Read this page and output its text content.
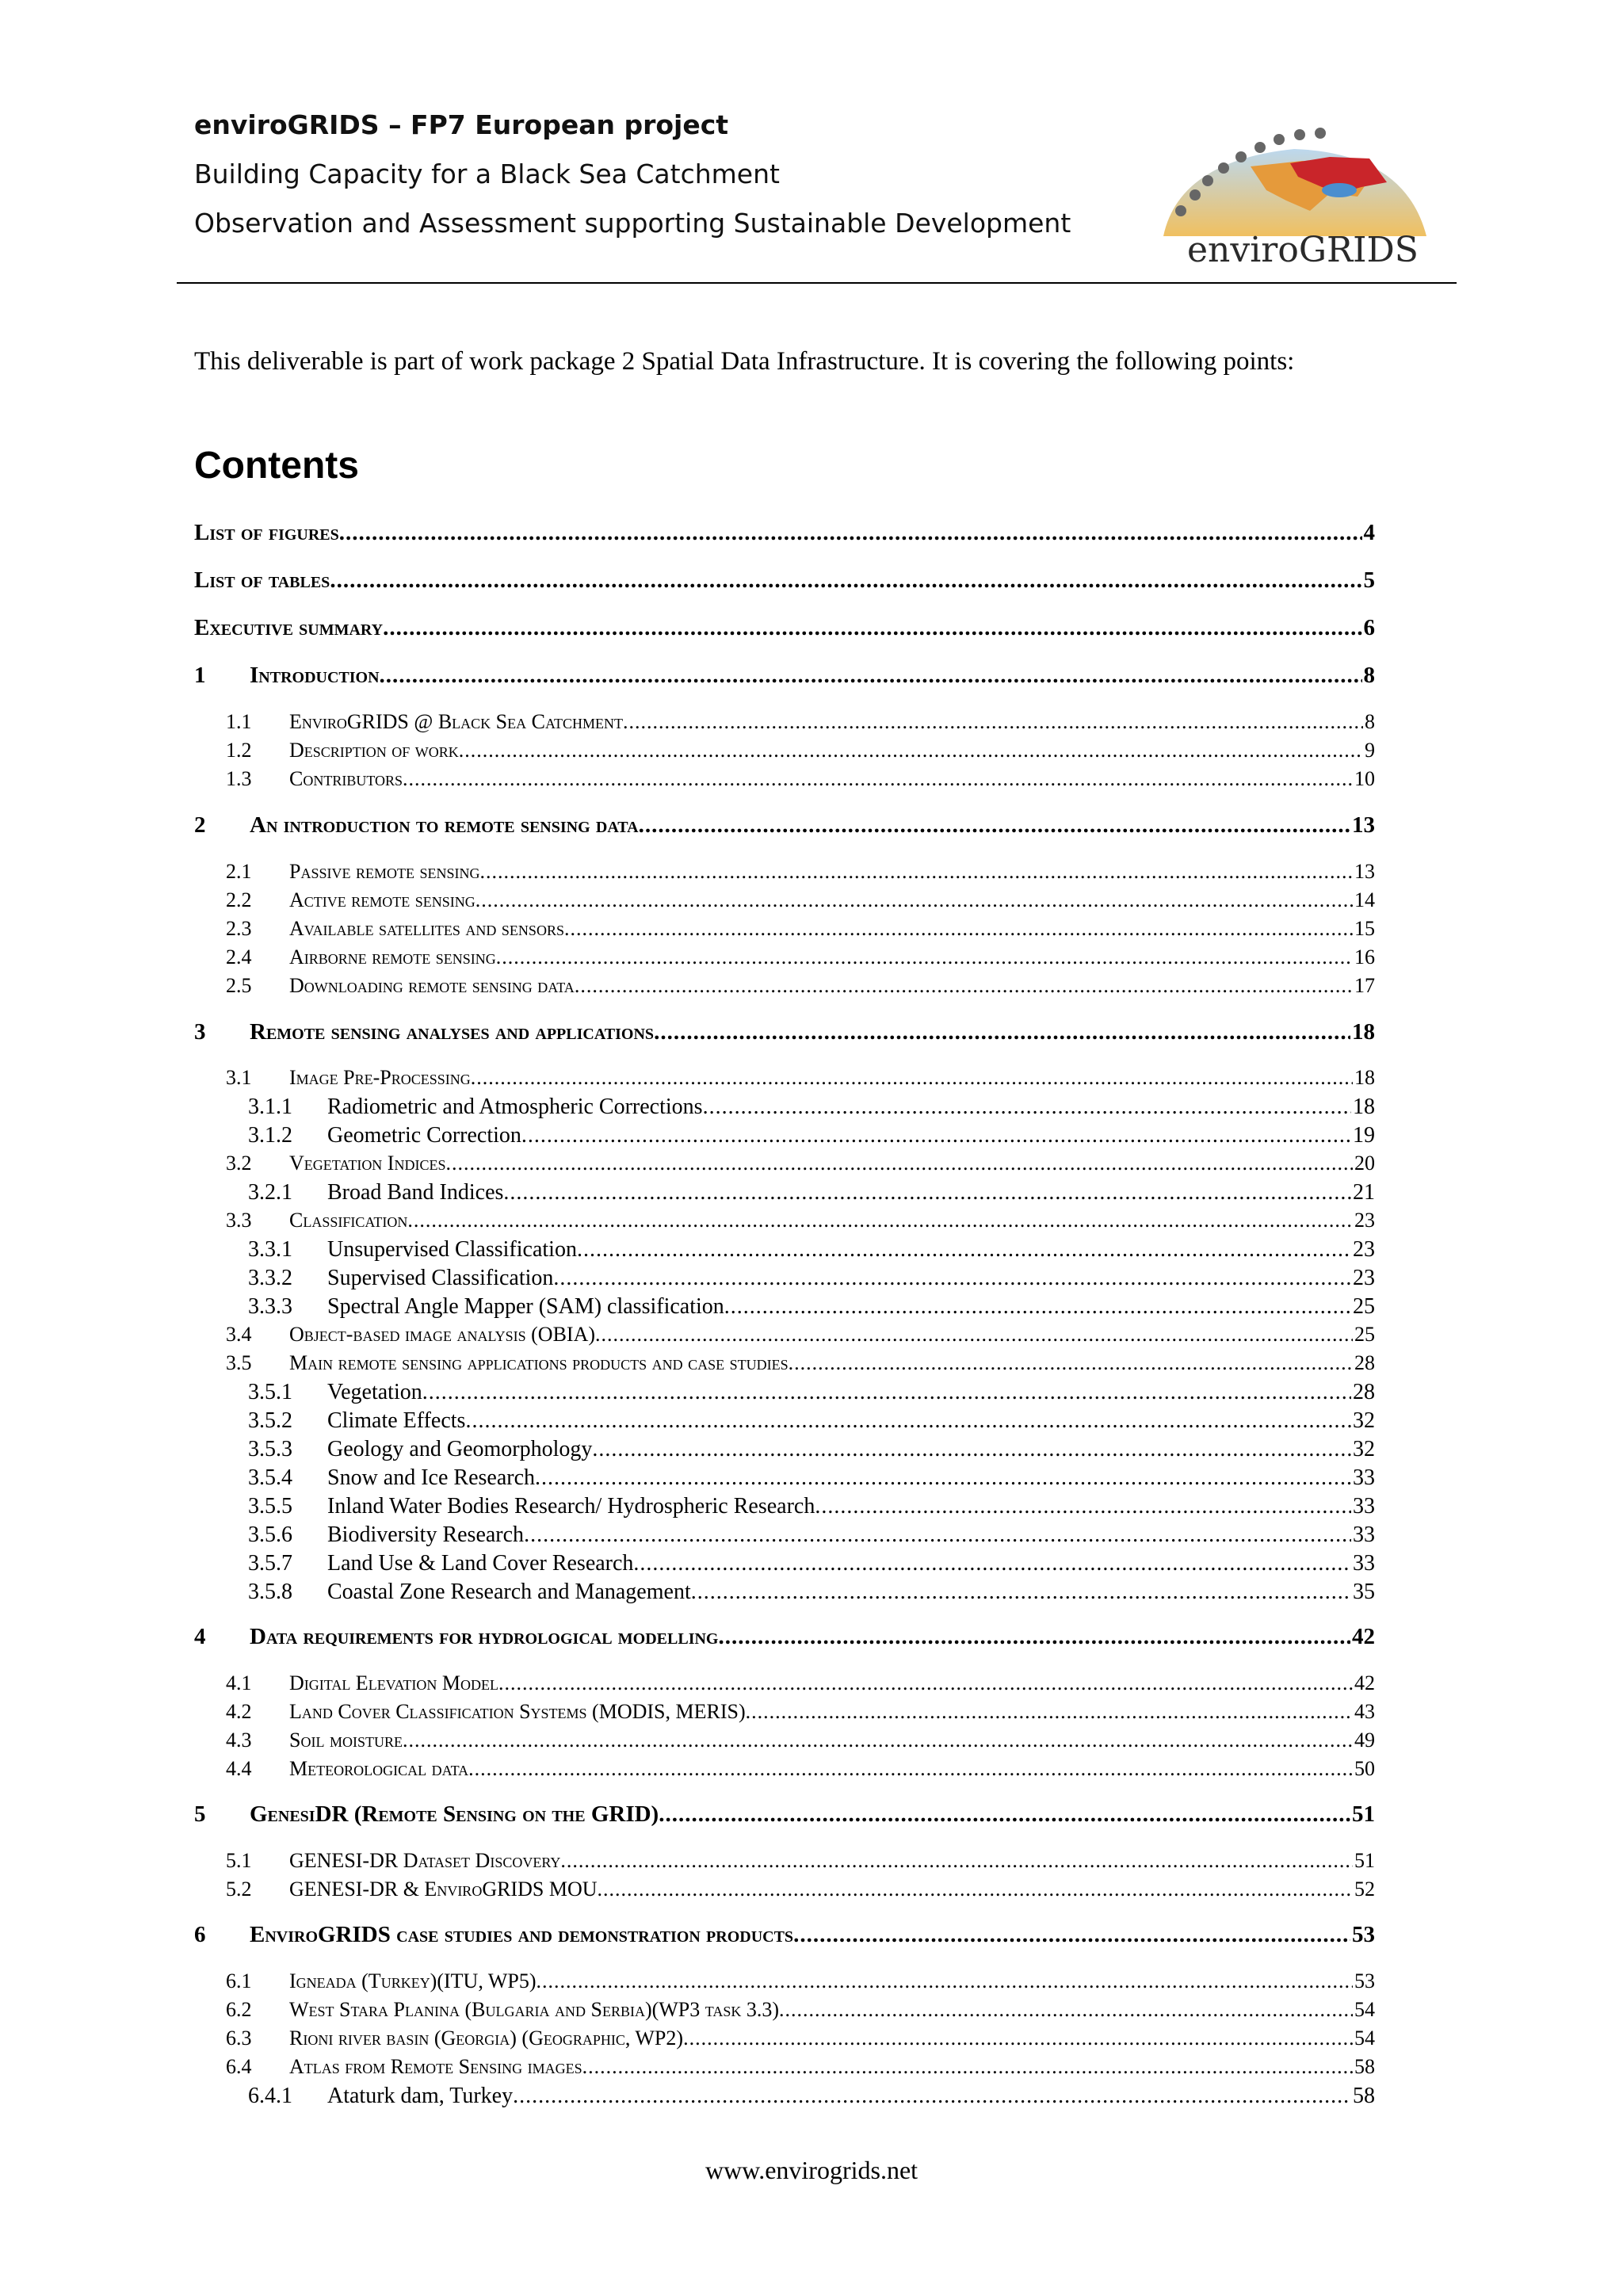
enviroGRIDS – FP7 European project
Building Capacity for a Black Sea Catchment
Observation and Assessment supporting Sustainable Development
enviroGRIDS
This deliverable is part of work package 2 Spatial Data Infrastructure. It is covering the following points:
Contents
List of figures .....	4
List of tables .....	5
Executive summary .....	6
1	Introduction .....	8
1.1	EnviroGRIDS @ Black Sea Catchment .....	8
1.2	Description of work .....	9
1.3	Contributors .....	10
2	An introduction to remote sensing data .....	13
2.1	Passive remote sensing .....	13
2.2	Active remote sensing .....	14
2.3	Available satellites and sensors .....	15
2.4	Airborne remote sensing .....	16
2.5	Downloading remote sensing data .....	17
3	Remote sensing analyses and applications .....	18
3.1	Image Pre-Processing .....	18
3.1.1	Radiometric and Atmospheric Corrections .....	18
3.1.2	Geometric Correction .....	19
3.2	Vegetation Indices .....	20
3.2.1	Broad Band Indices .....	21
3.3	Classification .....	23
3.3.1	Unsupervised Classification .....	23
3.3.2	Supervised Classification .....	23
3.3.3	Spectral Angle Mapper (SAM) classification .....	25
3.4	Object-based image analysis (OBIA) .....	25
3.5	Main remote sensing applications products and case studies .....	28
3.5.1	Vegetation .....	28
3.5.2	Climate Effects .....	32
3.5.3	Geology and Geomorphology .....	32
3.5.4	Snow and Ice Research .....	33
3.5.5	Inland Water Bodies Research/ Hydrospheric Research .....	33
3.5.6	Biodiversity Research .....	33
3.5.7	Land Use & Land Cover Research .....	33
3.5.8	Coastal Zone Research and Management .....	35
4	Data requirements for hydrological modelling .....	42
4.1	Digital Elevation Model .....	42
4.2	Land Cover Classification Systems (MODIS, MERIS) .....	43
4.3	Soil moisture .....	49
4.4	Meteorological data .....	50
5	GenesiDR (Remote Sensing on the GRID) .....	51
5.1	GENESI-DR Dataset Discovery .....	51
5.2	GENESI-DR & EnviroGRIDS MOU .....	52
6	EnviroGRIDS case studies and demonstration products .....	53
6.1	Igneada (Turkey)(ITU, WP5) .....	53
6.2	West Stara Planina (Bulgaria and Serbia)(WP3 task 3.3) .....	54
6.3	Rioni river basin (Georgia) (Geographic, WP2) .....	54
6.4	Atlas from Remote Sensing images .....	58
6.4.1	Ataturk dam, Turkey .....	58
www.envirogrids.net
